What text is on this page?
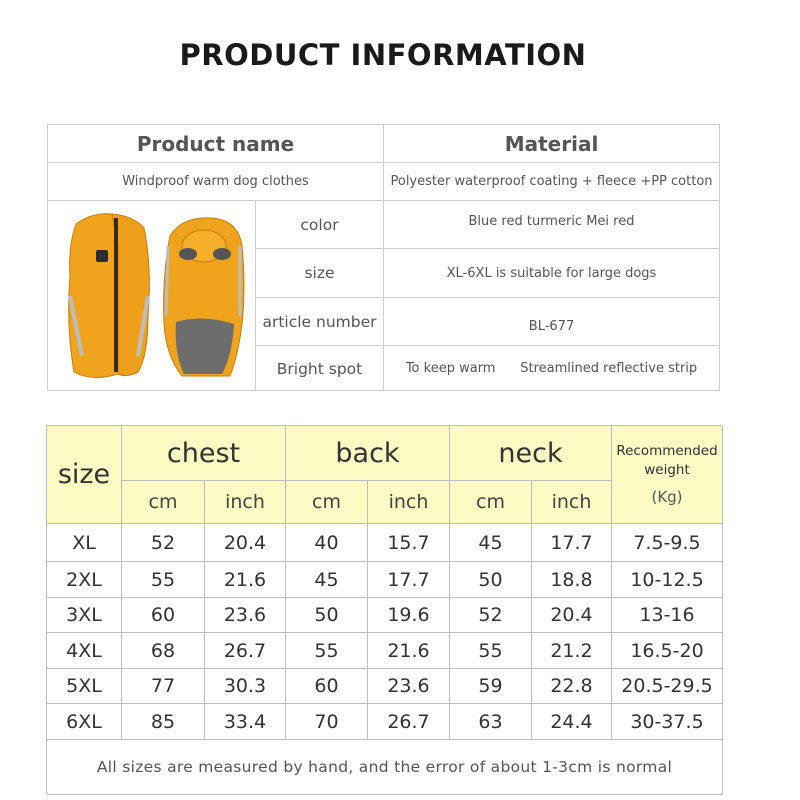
PRODUCT INFORMATION
Product name	Material
Windproof warm dog clothes	Polyester waterproof coating + fleece +PP cotton
color	Blue red turmeric Mei red
size	XL-6XL is suitable for large dogs
article number	BL-677
Bright spot	To keep warm      Streamlined reflective strip
size
chest	back	neck	Recommended
weight
(Kg)
cm	inch	cm	inch	cm	inch
XL	52	20.4	40	15.7	45	17.7	7.5-9.5
2XL	55	21.6	45	17.7	50	18.8	10-12.5
3XL	60	23.6	50	19.6	52	20.4	13-16
4XL	68	26.7	55	21.6	55	21.2	16.5-20
5XL	77	30.3	60	23.6	59	22.8	20.5-29.5
6XL	85	33.4	70	26.7	63	24.4	30-37.5
All sizes are measured by hand, and the error of about 1-3cm is normal
